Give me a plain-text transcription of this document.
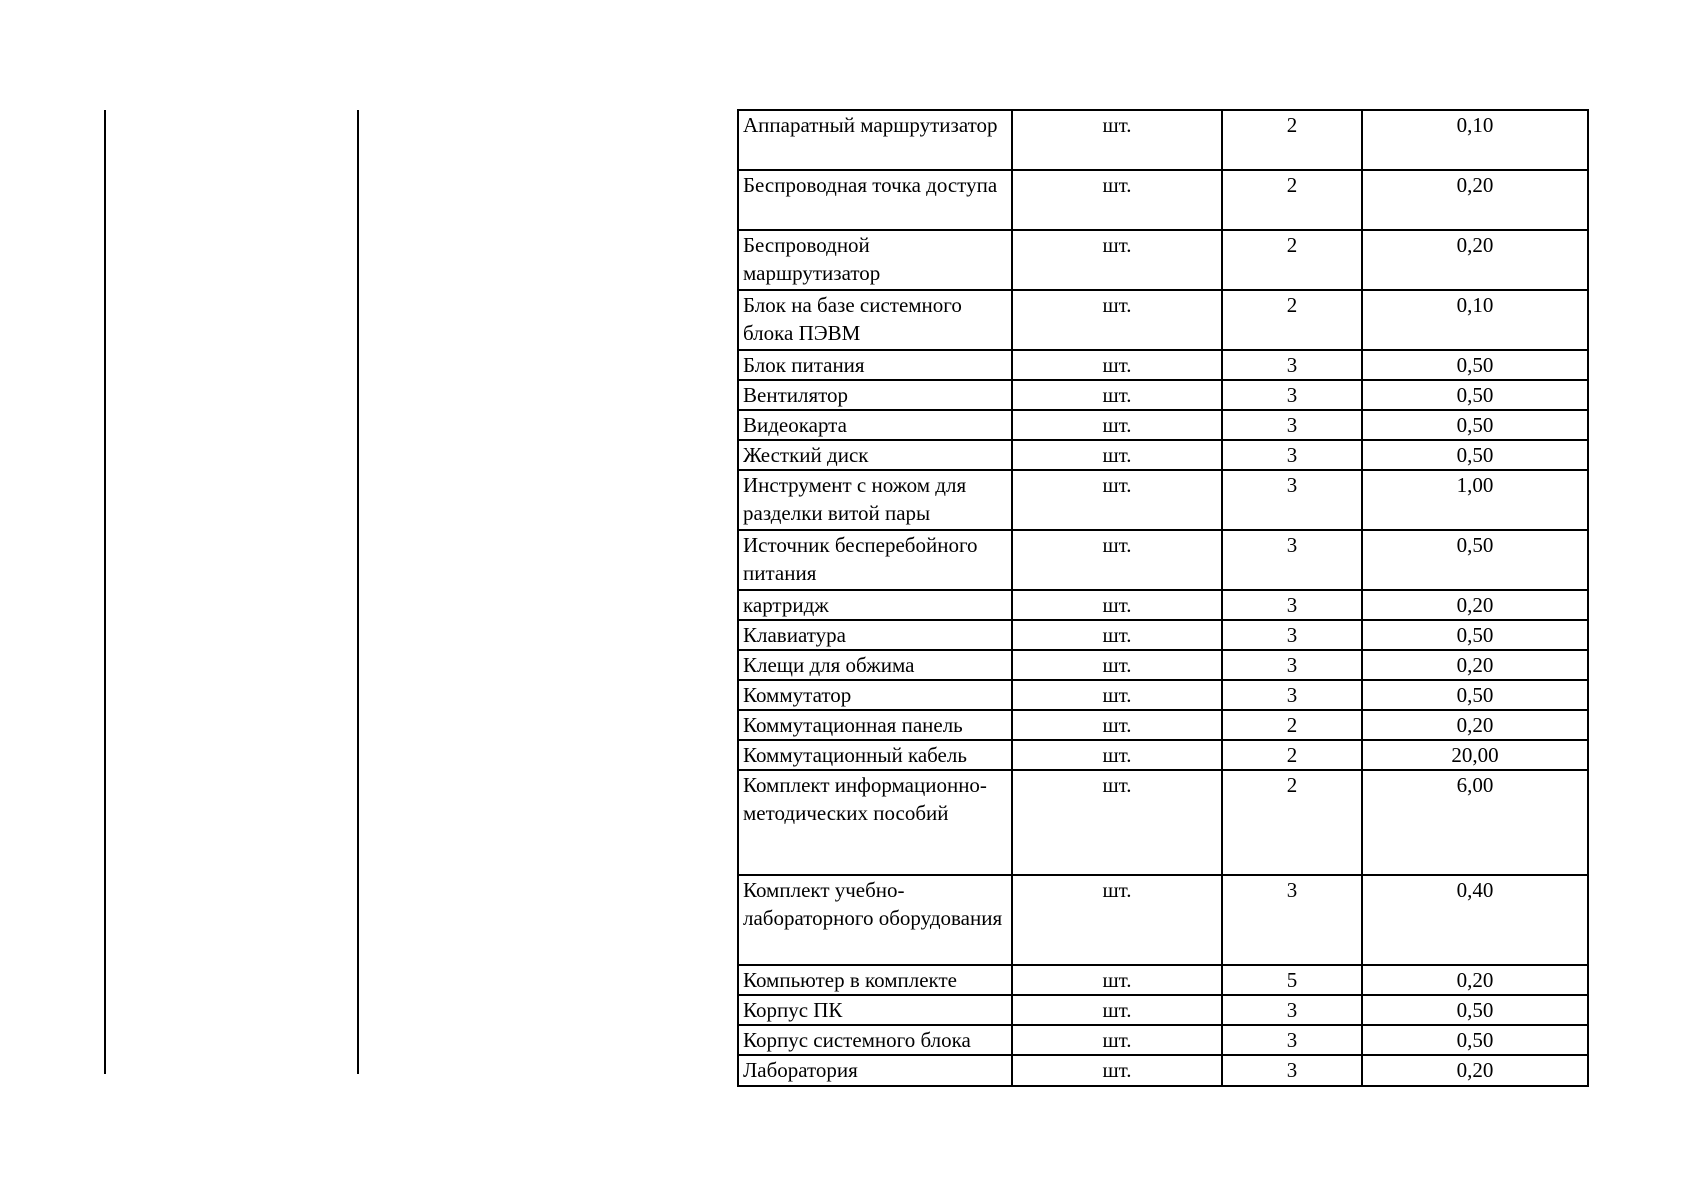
Аппаратный маршрутизатор	шт.	2	0,10
Беспроводная точка доступа	шт.	2	0,20
Беспроводной маршрутизатор	шт.	2	0,20
Блок на базе системного блока ПЭВМ	шт.	2	0,10
Блок питания	шт.	3	0,50
Вентилятор	шт.	3	0,50
Видеокарта	шт.	3	0,50
Жесткий диск	шт.	3	0,50
Инструмент с ножом для разделки витой пары	шт.	3	1,00
Источник бесперебойного питания	шт.	3	0,50
картридж	шт.	3	0,20
Клавиатура	шт.	3	0,50
Клещи для обжима	шт.	3	0,20
Коммутатор	шт.	3	0,50
Коммутационная панель	шт.	2	0,20
Коммутационный кабель	шт.	2	20,00
Комплект информационно-методических пособий	шт.	2	6,00
Комплект учебно-лабораторного оборудования	шт.	3	0,40
Компьютер в комплекте	шт.	5	0,20
Корпус ПК	шт.	3	0,50
Корпус системного блока	шт.	3	0,50
Лаборатория	шт.	3	0,20
